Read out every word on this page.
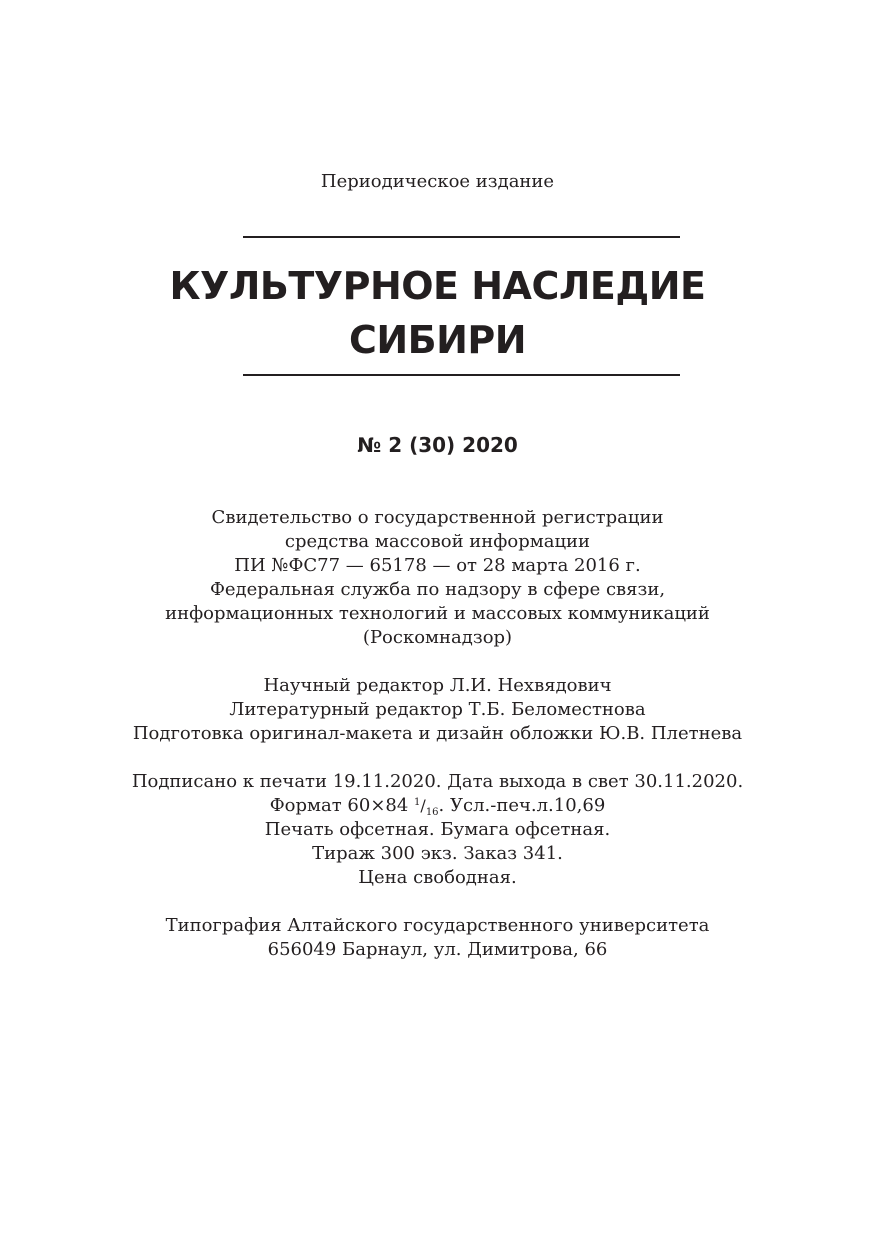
Периодическое издание
КУЛЬТУРНОЕ НАСЛЕДИЕ
СИБИРИ
№ 2 (30) 2020
Свидетельство о государственной регистрации
средства массовой информации
ПИ №ФС77 — 65178 — от 28 марта 2016 г.
Федеральная служба по надзору в сфере связи,
информационных технологий и массовых коммуникаций
(Роскомнадзор)
Научный редактор Л.И. Нехвядович
Литературный редактор Т.Б. Беломестнова
Подготовка оригинал-макета и дизайн обложки Ю.В. Плетнева
Подписано к печати 19.11.2020. Дата выхода в свет 30.11.2020.
Формат 60×84 $^1/_{16}$. Усл.-печ.л.10,69
Печать офсетная. Бумага офсетная.
Тираж 300 экз. Заказ 341.
Цена свободная.
Типография Алтайского государственного университета
656049 Барнаул, ул. Димитрова, 66
